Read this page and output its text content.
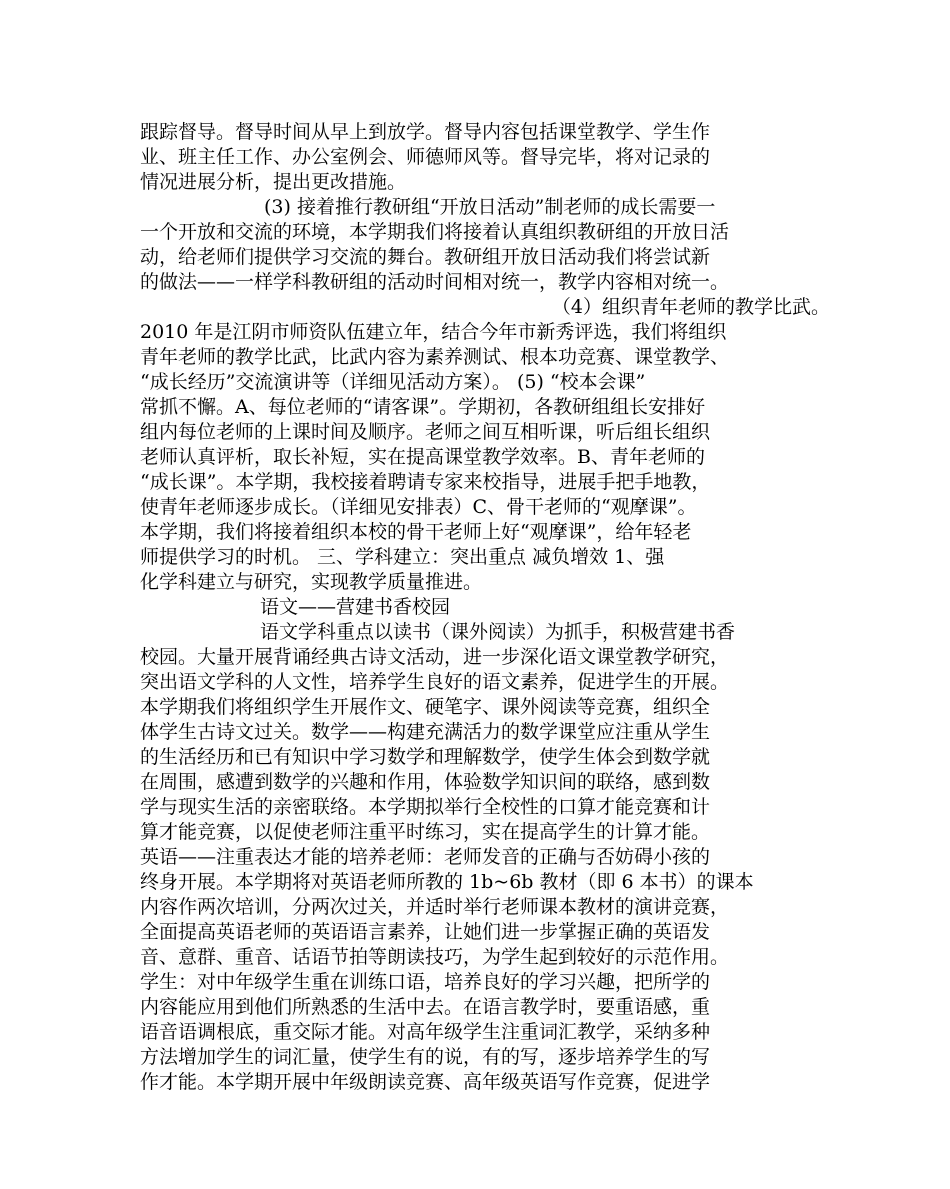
跟踪督导。督导时间从早上到放学。督导内容包括课堂教学、学生作
业、班主任工作、办公室例会、师德师风等。督导完毕，将对记录的
情况进展分析，提出更改措施。
(3) 接着推行教研组“开放日活动”制老师的成长需要一
一个开放和交流的环境，本学期我们将接着认真组织教研组的开放日活
动，给老师们提供学习交流的舞台。教研组开放日活动我们将尝试新
的做法——一样学科教研组的活动时间相对统一，教学内容相对统一。
（4）组织青年老师的教学比武。
2010 年是江阴市师资队伍建立年，结合今年市新秀评选，我们将组织
青年老师的教学比武，比武内容为素养测试、根本功竞赛、课堂教学、
“成长经历”交流演讲等（详细见活动方案）。 (5) “校本会课”
常抓不懈。A、每位老师的“请客课”。学期初，各教研组组长安排好
组内每位老师的上课时间及顺序。老师之间互相听课，听后组长组织
老师认真评析，取长补短，实在提高课堂教学效率。B、青年老师的
“成长课”。本学期，我校接着聘请专家来校指导，进展手把手地教，
使青年老师逐步成长。（详细见安排表）C、骨干老师的“观摩课”。
本学期，我们将接着组织本校的骨干老师上好“观摩课”，给年轻老
师提供学习的时机。 三、学科建立：突出重点 减负增效 1、强
化学科建立与研究，实现教学质量推进。
语文——营建书香校园
语文学科重点以读书（课外阅读）为抓手，积极营建书香
校园。大量开展背诵经典古诗文活动，进一步深化语文课堂教学研究，
突出语文学科的人文性，培养学生良好的语文素养，促进学生的开展。
本学期我们将组织学生开展作文、硬笔字、课外阅读等竞赛，组织全
体学生古诗文过关。数学——构建充满活力的数学课堂应注重从学生
的生活经历和已有知识中学习数学和理解数学，使学生体会到数学就
在周围，感遭到数学的兴趣和作用，体验数学知识间的联络，感到数
学与现实生活的亲密联络。本学期拟举行全校性的口算才能竞赛和计
算才能竞赛，以促使老师注重平时练习，实在提高学生的计算才能。
英语——注重表达才能的培养老师：老师发音的正确与否妨碍小孩的
终身开展。本学期将对英语老师所教的 1b~6b 教材（即 6 本书）的课本
内容作两次培训，分两次过关，并适时举行老师课本教材的演讲竞赛，
全面提高英语老师的英语语言素养，让她们进一步掌握正确的英语发
音、意群、重音、话语节拍等朗读技巧，为学生起到较好的示范作用。
学生：对中年级学生重在训练口语，培养良好的学习兴趣，把所学的
内容能应用到他们所熟悉的生活中去。在语言教学时，要重语感，重
语音语调根底，重交际才能。对高年级学生注重词汇教学，采纳多种
方法增加学生的词汇量，使学生有的说，有的写，逐步培养学生的写
作才能。本学期开展中年级朗读竞赛、高年级英语写作竞赛，促进学
